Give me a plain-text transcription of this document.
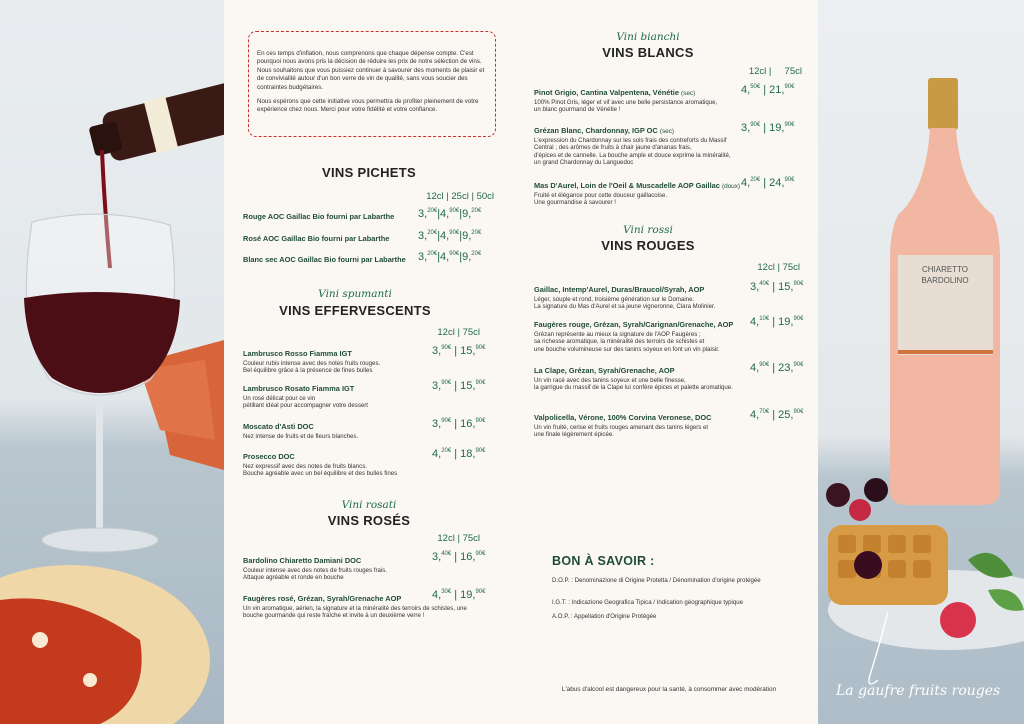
CHIARETTO
BARDOLINO
La gaufre fruits rouges

En ces temps d'inflation, nous comprenons que chaque dépense compte. C'est pourquoi nous avons pris la décision de réduire les prix de notre sélection de vins. Nous souhaitons que vous puissiez continuer à savourer des moments de plaisir et de convivialité autour d'un bon verre de vin de qualité, sans vous soucier des contraintes budgétaires.

Nous espérons que cette initiative vous permettra de profiter pleinement de votre expérience chez nous. Merci pour votre fidélité et votre confiance.

VINS PICHETS
12cl | 25cl | 50cl
Rouge AOC Gaillac Bio fourni par Labarthe 3,$^{20€}$|4,$^{90€}$|9,$^{20€}$
Rosé AOC Gaillac Bio fourni par Labarthe	3,$^{20€}$|4,$^{90€}$|9,$^{20€}$
Blanc sec AOC Gaillac Bio fourni par Labarthe 3,$^{20€}$|4,$^{90€}$|9,$^{20€}$
Vini spumanti
VINS EFFERVESCENTS
12cl | 75cl
Lambrusco Rosso Fiamma IGT
Couleur rubis intense avec des notes fruits rouges.
Bel équilibre grâce à la présence de fines bulles
3,$^{90€}$ | 15,$^{90€}$
Lambrusco Rosato Fiamma IGT
Un rosé délicat pour ce vin
pétillant idéal pour accompagner votre dessert
3,$^{90€}$ | 15,$^{90€}$
Moscato d'Asti DOC
Nez intense de fruits et de fleurs blanches.
3,$^{90€}$ | 16,$^{90€}$
Prosecco DOC
Nez expressif avec des notes de fruits blancs.
Bouche agréable avec un bel équilibre et des bulles fines
4,$^{20€}$ | 18,$^{90€}$
Vini rosati
VINS ROSÉS
12cl | 75cl
Bardolino Chiaretto Damiani DOC
Couleur intense avec des notes de fruits rouges frais.
Attaque agréable et ronde en bouche
3,$^{40€}$ | 16,$^{90€}$
Faugères rosé, Grézan, Syrah/Grenache AOP
Un vin aromatique, aérien, la signature et la minéralité des terroirs de schistes, une
bouche gourmande qui reste fraîche et invite à un deuxième verre !
4,$^{30€}$ | 19,$^{90€}$
Vini bianchi
VINS BLANCS
12cl |     75cl
Pinot Grigio, Cantina Valpentena, Vénétie (sec)
100% Pinot Gris, léger et vif avec une belle persistance aromatique,
un blanc gourmand de Vénétie !
4,$^{50€}$ | 21,$^{90€}$
Grézan Blanc, Chardonnay, IGP OC (sec)
L'expression du Chardonnay sur les sols frais des contreforts du Massif
Central ; des arômes de fruits à chair jaune d'ananas frais,
d'épices et de cannelle. La bouche ample et douce exprime la minéralité,
un grand Chardonnay du Languedoc
3,$^{90€}$ | 19,$^{90€}$
Mas D'Aurel, Loin de l'Oeil & Muscadelle AOP Gaillac (doux)
Fruité et élégance pour cette douceur gaillacoise.
Une gourmandise à savourer !
4,$^{20€}$ | 24,$^{90€}$
Vini rossi
VINS ROUGES
12cl | 75cl
Gaillac, Intemp'Aurel, Duras/Braucol/Syrah, AOP
Léger, souple et rond, troisième génération sur le Domaine.
La signature du Mas d'Aurel et sa jeune vigneronne, Clara Molinier.
3,$^{40€}$ | 15,$^{90€}$
Faugères rouge, Grézan, Syrah/Carignan/Grenache, AOP
Grézan représente au mieux la signature de l'AOP Faugères ;
sa richesse aromatique, la minéralité des terroirs de schistes et
une bouche volumineuse sur des tanins soyeux en font un vin plaisir.
4,$^{10€}$ | 19,$^{90€}$
La Clape, Grézan, Syrah/Grenache, AOP
Un vin racé avec des tanins soyeux et une belle finesse,
la garrigue du massif de la Clape lui confère épices et palette aromatique.
4,$^{90€}$ | 23,$^{90€}$
Valpolicella, Vérone, 100% Corvina Veronese, DOC
Un vin fruité, cerise et fruits rouges amenant des tanins légers et
une finale légèrement épicée.
4,$^{70€}$ | 25,$^{90€}$
BON À SAVOIR :
D.O.P. : Denominazione di Origine Protetta / Dénomination d'origine protégée
I.G.T. : Indicazione Geografica Tipica / Indication géographique typique
A.O.P. : Appellation d'Origine Protégée
L'abus d'alcool est dangereux pour la santé, à consommer avec modération
